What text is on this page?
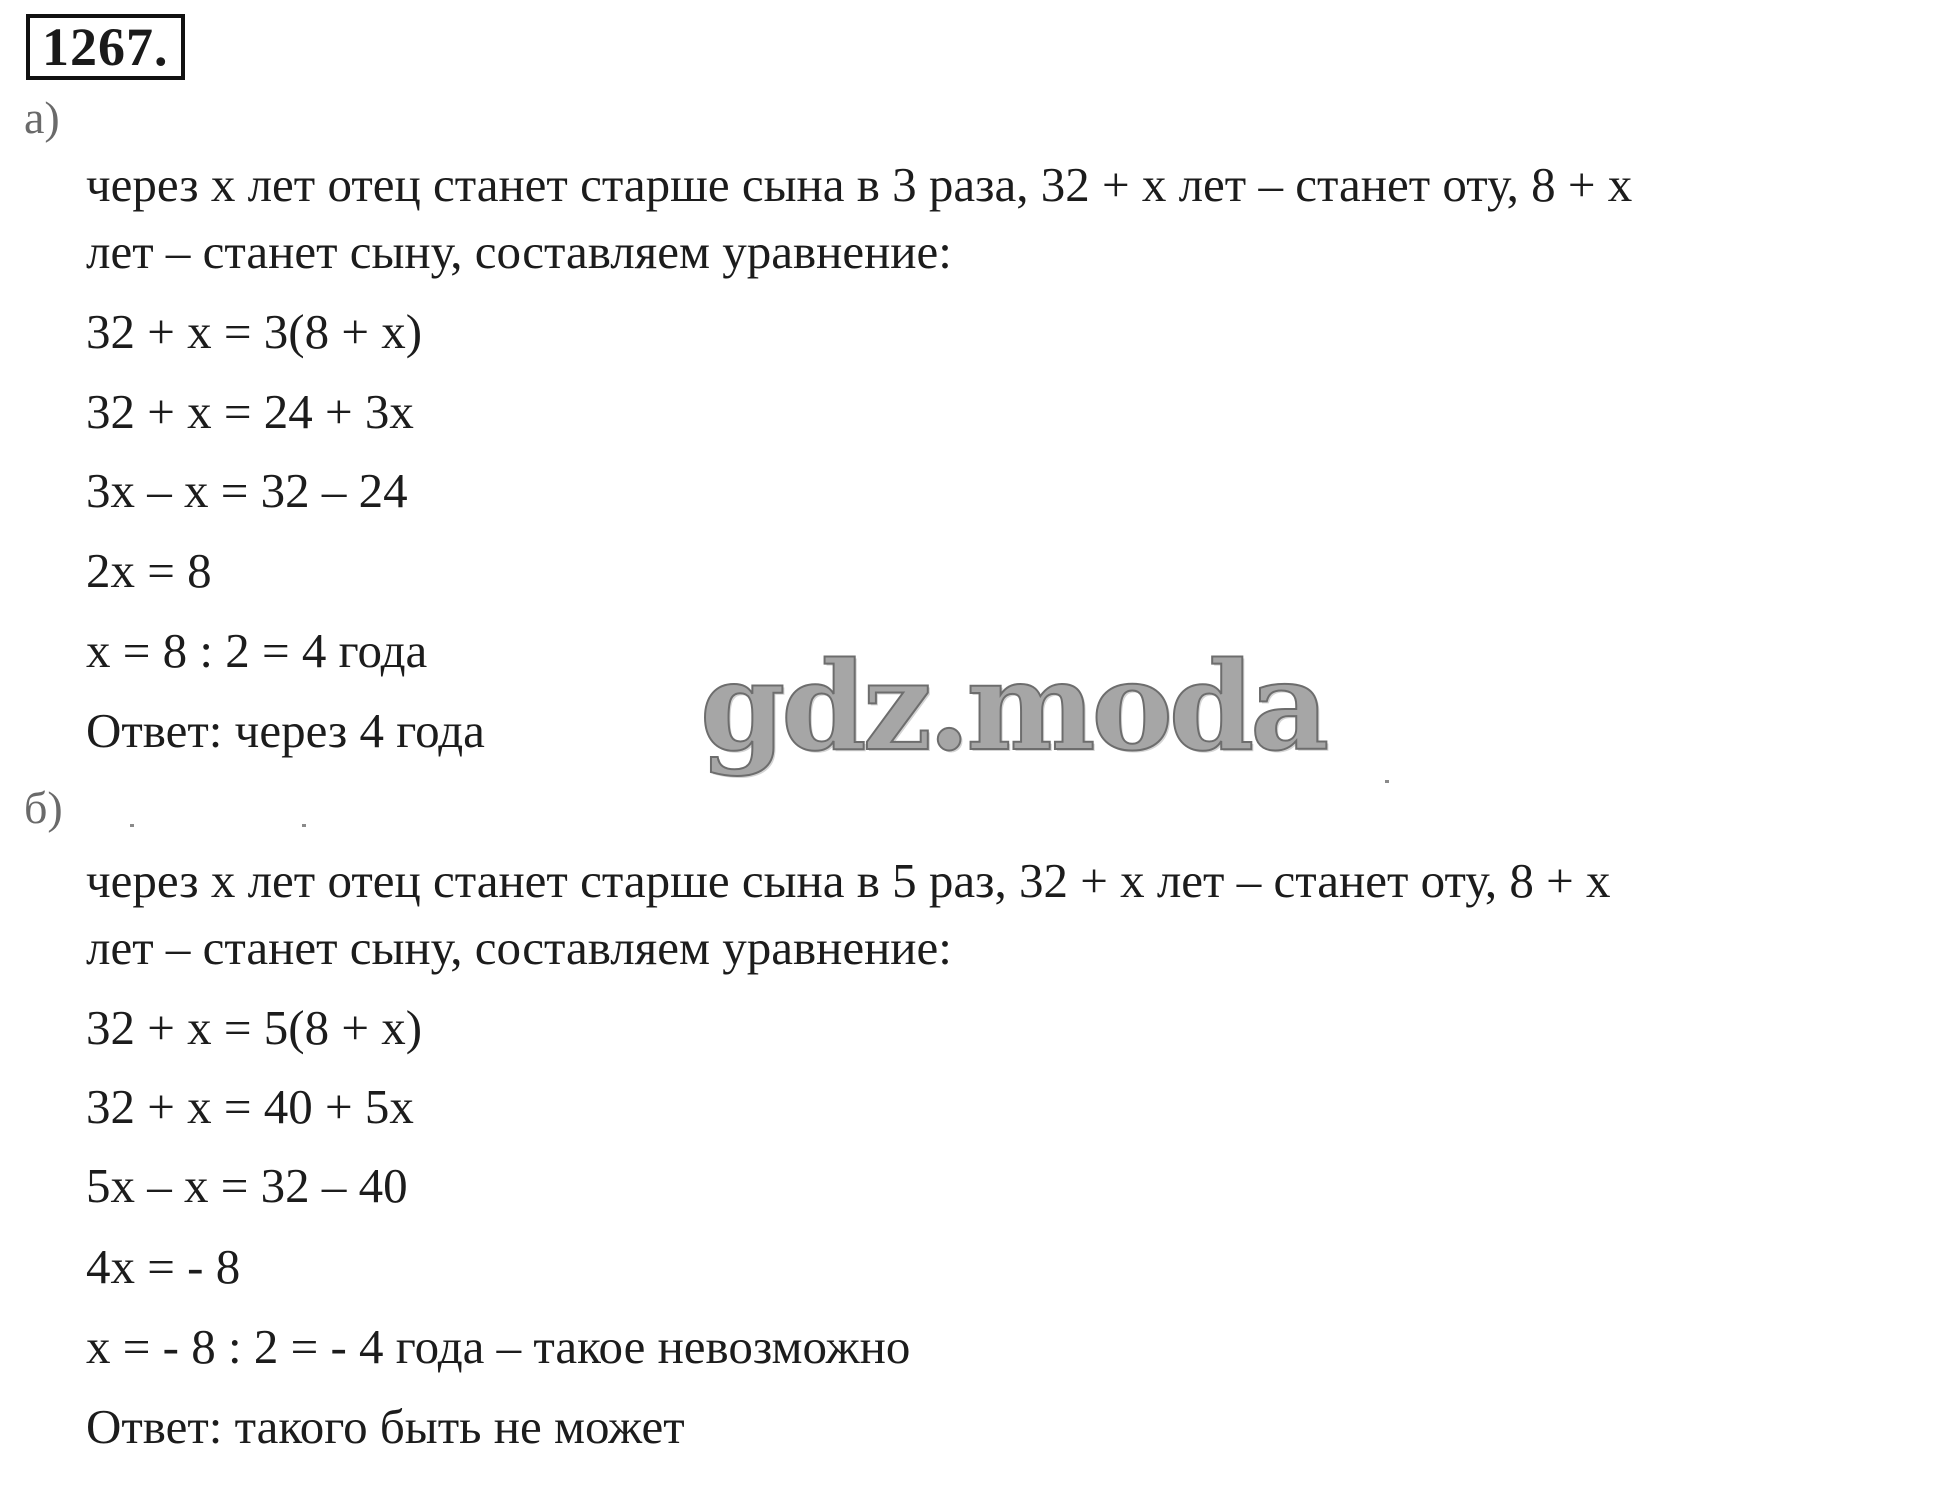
1267.
а)
через х лет отец станет старше сына в 3 раза, 32 + х лет – станет оту, 8 + х
лет – станет сыну, составляем уравнение:
32 + х = 3(8 + х)
32 + х = 24 + 3х
3х – х = 32 – 24
2х = 8
х = 8 : 2 = 4 года
Ответ: через 4 года gdz.moda
б)
через х лет отец станет старше сына в 5 раз, 32 + х лет – станет оту, 8 + х
лет – станет сыну, составляем уравнение:
32 + х = 5(8 + х)
32 + х = 40 + 5х
5х – х = 32 – 40
4х = - 8
х = - 8 : 2 = - 4 года – такое невозможно
Ответ: такого быть не может
